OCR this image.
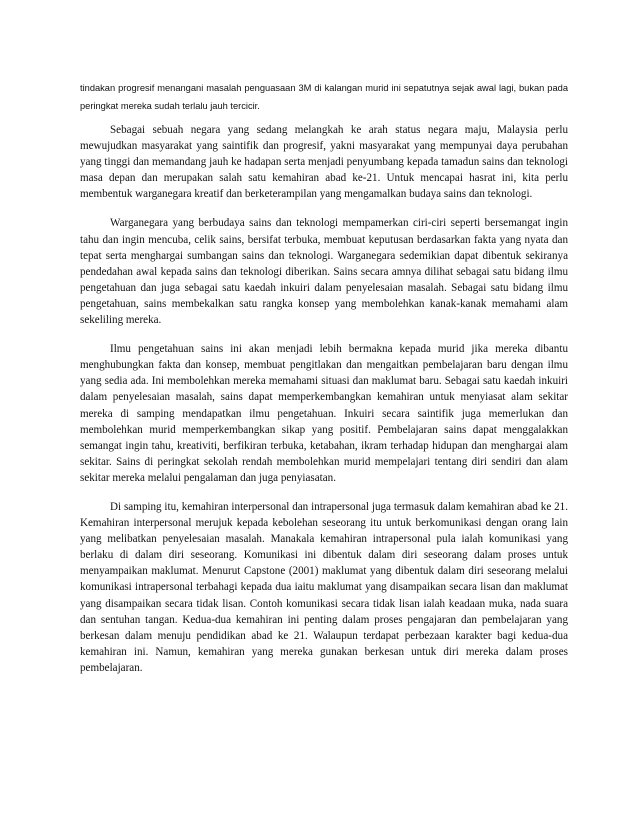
tindakan progresif menangani masalah penguasaan 3M di kalangan murid ini sepatutnya sejak awal lagi, bukan pada peringkat mereka sudah terlalu jauh tercicir.

Sebagai sebuah negara yang sedang melangkah ke arah status negara maju, Malaysia perlu mewujudkan masyarakat yang saintifik dan progresif, yakni masyarakat yang mempunyai daya perubahan yang tinggi dan memandang jauh ke hadapan serta menjadi penyumbang kepada tamadun sains dan teknologi masa depan dan merupakan salah satu kemahiran abad ke-21. Untuk mencapai hasrat ini, kita perlu membentuk warganegara kreatif dan berketerampilan yang mengamalkan budaya sains dan teknologi.

Warganegara yang berbudaya sains dan teknologi mempamerkan ciri-ciri seperti bersemangat ingin tahu dan ingin mencuba, celik sains, bersifat terbuka, membuat keputusan berdasarkan fakta yang nyata dan tepat serta menghargai sumbangan sains dan teknologi. Warganegara sedemikian dapat dibentuk sekiranya pendedahan awal kepada sains dan teknologi diberikan. Sains secara amnya dilihat sebagai satu bidang ilmu pengetahuan dan juga sebagai satu kaedah inkuiri dalam penyelesaian masalah. Sebagai satu bidang ilmu pengetahuan, sains membekalkan satu rangka konsep yang membolehkan kanak-kanak memahami alam sekeliling mereka.

Ilmu pengetahuan sains ini akan menjadi lebih bermakna kepada murid jika mereka dibantu menghubungkan fakta dan konsep, membuat pengitlakan dan mengaitkan pembelajaran baru dengan ilmu yang sedia ada. Ini membolehkan mereka memahami situasi dan maklumat baru. Sebagai satu kaedah inkuiri dalam penyelesaian masalah, sains dapat memperkembangkan kemahiran untuk menyiasat alam sekitar mereka di samping mendapatkan ilmu pengetahuan. Inkuiri secara saintifik juga memerlukan dan membolehkan murid memperkembangkan sikap yang positif. Pembelajaran sains dapat menggalakkan semangat ingin tahu, kreativiti, berfikiran terbuka, ketabahan, ikram terhadap hidupan dan menghargai alam sekitar. Sains di peringkat sekolah rendah membolehkan murid mempelajari tentang diri sendiri dan alam sekitar mereka melalui pengalaman dan juga penyiasatan.

Di samping itu, kemahiran interpersonal dan intrapersonal juga termasuk dalam kemahiran abad ke 21. Kemahiran interpersonal merujuk kepada kebolehan seseorang itu untuk berkomunikasi dengan orang lain yang melibatkan penyelesaian masalah. Manakala kemahiran intrapersonal pula ialah komunikasi yang berlaku di dalam diri seseorang. Komunikasi ini dibentuk dalam diri seseorang dalam proses untuk menyampaikan maklumat. Menurut Capstone (2001) maklumat yang dibentuk dalam diri seseorang melalui komunikasi intrapersonal terbahagi kepada dua iaitu maklumat yang disampaikan secara lisan dan maklumat yang disampaikan secara tidak lisan. Contoh komunikasi secara tidak lisan ialah keadaan muka, nada suara dan sentuhan tangan. Kedua-dua kemahiran ini penting dalam proses pengajaran dan pembelajaran yang berkesan dalam menuju pendidikan abad ke 21. Walaupun terdapat perbezaan karakter bagi kedua-dua kemahiran ini. Namun, kemahiran yang mereka gunakan berkesan untuk diri mereka dalam proses pembelajaran.
